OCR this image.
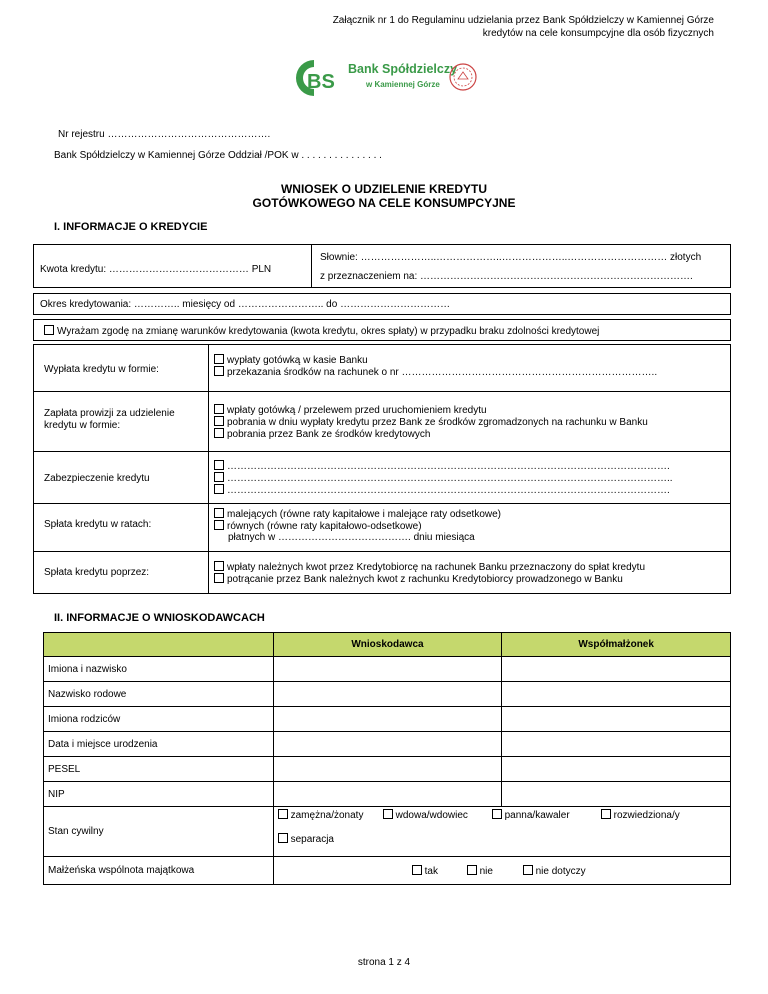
Załącznik nr 1 do Regulaminu udzielania przez Bank Spółdzielczy w Kamiennej Górze
kredytów na cele konsumpcyjne dla osób fizycznych
BS
Bank Spółdzielczy
w Kamiennej Górze
Nr rejestru ………………………………………….
Bank Spółdzielczy w Kamiennej Górze Oddział /POK w . . . . . . . . . . . . . . .
WNIOSEK O UDZIELENIE KREDYTU
GOTÓWKOWEGO NA CELE KONSUMPCYJNE
I. INFORMACJE O KREDYCIE
Kwota kredytu: …………………………………… PLN
Słownie: …………………..………………..………………..………………………… złotych
z przeznaczeniem na: ……………………………………………………………………….
Okres kredytowania: ………….. miesięcy od …………………….. do ……………………………
Wyrażam zgodę na zmianę warunków kredytowania (kwota kredytu, okres spłaty) w przypadku braku zdolności kredytowej
Wypłata kredytu w formie:
wypłaty gotówką w kasie Banku
przekazania środków na rachunek o nr …………………………………………………………………..
Zapłata prowizji za udzielenie kredytu w formie:
wpłaty gotówką / przelewem przed uruchomieniem kredytu
pobrania w dniu wypłaty kredytu przez Bank ze środków zgromadzonych na rachunku w Banku
pobrania przez Bank ze środków kredytowych
Zabezpieczenie kredytu
…………………………………………………………………………………………………………………….
……………………………………………………………………………………………………………………..
…………………………………………………………………………………………………………………….
Spłata kredytu w ratach:
malejących (równe raty kapitałowe i malejące raty odsetkowe)
równych (równe raty kapitałowo-odsetkowe)
płatnych w …………………………………. dniu miesiąca
Spłata kredytu poprzez:	wpłaty należnych kwot przez Kredytobiorcę na rachunek Banku przeznaczony do spłat kredytu
potrącanie przez Bank należnych kwot z rachunku Kredytobiorcy prowadzonego w Banku
II. INFORMACJE O WNIOSKODAWCACH
	Wnioskodawca	Współmałżonek
Imiona i nazwisko		
Nazwisko rodowe		
Imiona rodziców		
Data i miejsce urodzenia		
PESEL		
NIP		
Stan cywilny	zamężna/żonaty wdowa/wdowiec panna/kawaler rozwiedziona/y
separacja	

Małżeńska wspólnota majątkowa	tak nie nie dotyczy	
strona 1 z 4
